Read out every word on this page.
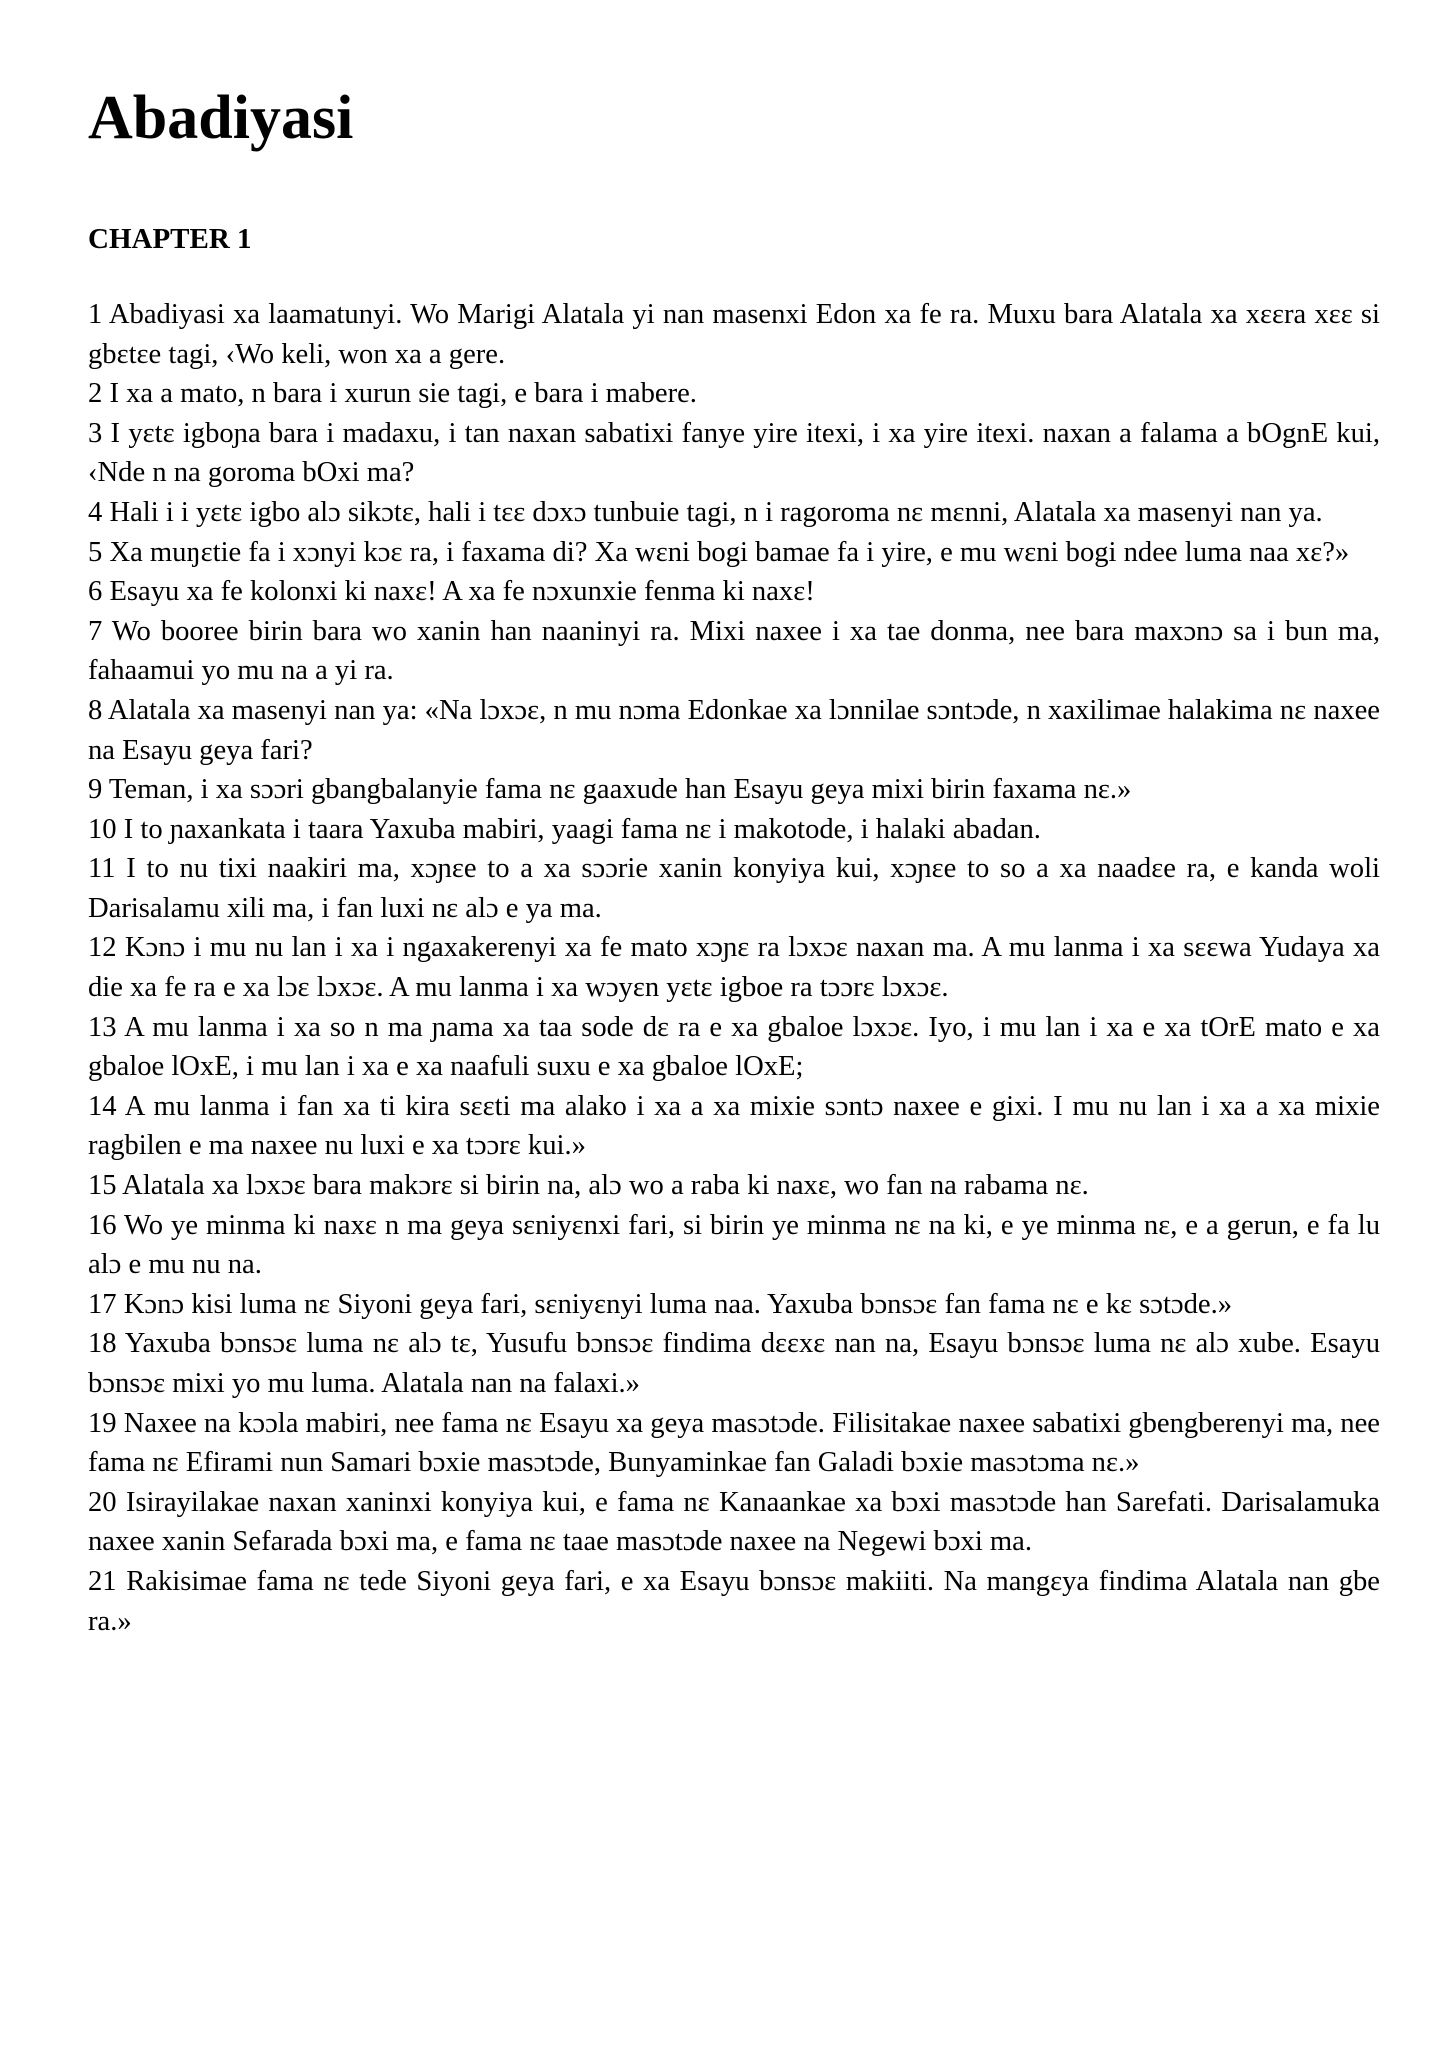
Abadiyasi
CHAPTER 1

1 Abadiyasi xa laamatunyi. Wo Marigi Alatala yi nan masenxi Edon xa fe ra. Muxu bara Alatala xa xɛɛra xɛɛ si gbɛtɛe tagi, ‹Wo keli, won xa a gere.

2 I xa a mato, n bara i xurun sie tagi, e bara i mabere.

3 I yɛtɛ igboɲa bara i madaxu, i tan naxan sabatixi fanye yire itexi, i xa yire itexi. naxan a falama a bOgnE kui, ‹Nde n na goroma bOxi ma?

4 Hali i i yɛtɛ igbo alɔ sikɔtɛ, hali i tɛɛ dɔxɔ tunbuie tagi, n i ragoroma nɛ mɛnni, Alatala xa masenyi nan ya.

5 Xa muŋɛtie fa i xɔnyi kɔɛ ra, i faxama di? Xa wɛni bogi bamae fa i yire, e mu wɛni bogi ndee luma naa xɛ?»

6 Esayu xa fe kolonxi ki naxɛ! A xa fe nɔxunxie fenma ki naxɛ!

7 Wo booree birin bara wo xanin han naaninyi ra. Mixi naxee i xa tae donma, nee bara maxɔnɔ sa i bun ma, fahaamui yo mu na a yi ra.

8 Alatala xa masenyi nan ya: «Na lɔxɔɛ, n mu nɔma Edonkae xa lɔnnilae sɔntɔde, n xaxilimae halakima nɛ naxee na Esayu geya fari?

9 Teman, i xa sɔɔri gbangbalanyie fama nɛ gaaxude han Esayu geya mixi birin faxama nɛ.»

10 I to ɲaxankata i taara Yaxuba mabiri, yaagi fama nɛ i makotode, i halaki abadan.

11 I to nu tixi naakiri ma, xɔɲɛe to a xa sɔɔrie xanin konyiya kui, xɔɲɛe to so a xa naadɛe ra, e kanda woli Darisalamu xili ma, i fan luxi nɛ alɔ e ya ma.

12 Kɔnɔ i mu nu lan i xa i ngaxakerenyi xa fe mato xɔɲɛ ra lɔxɔɛ naxan ma. A mu lanma i xa sɛɛwa Yudaya xa die xa fe ra e xa lɔɛ lɔxɔɛ. A mu lanma i xa wɔyɛn yɛtɛ igboe ra tɔɔrɛ lɔxɔɛ.

13 A mu lanma i xa so n ma ɲama xa taa sode dɛ ra e xa gbaloe lɔxɔɛ. Iyo, i mu lan i xa e xa tOrE mato e xa gbaloe lOxE, i mu lan i xa e xa naafuli suxu e xa gbaloe lOxE;

14 A mu lanma i fan xa ti kira sɛɛti ma alako i xa a xa mixie sɔntɔ naxee e gixi. I mu nu lan i xa a xa mixie ragbilen e ma naxee nu luxi e xa tɔɔrɛ kui.»

15 Alatala xa lɔxɔɛ bara makɔrɛ si birin na, alɔ wo a raba ki naxɛ, wo fan na rabama nɛ.

16 Wo ye minma ki naxɛ n ma geya sɛniyɛnxi fari, si birin ye minma nɛ na ki, e ye minma nɛ, e a gerun, e fa lu alɔ e mu nu na.

17 Kɔnɔ kisi luma nɛ Siyoni geya fari, sɛniyɛnyi luma naa. Yaxuba bɔnsɔɛ fan fama nɛ e kɛ sɔtɔde.»

18 Yaxuba bɔnsɔɛ luma nɛ alɔ tɛ, Yusufu bɔnsɔɛ findima dɛɛxɛ nan na, Esayu bɔnsɔɛ luma nɛ alɔ xube. Esayu bɔnsɔɛ mixi yo mu luma. Alatala nan na falaxi.»

19 Naxee na kɔɔla mabiri, nee fama nɛ Esayu xa geya masɔtɔde. Filisitakae naxee sabatixi gbengberenyi ma, nee fama nɛ Efirami nun Samari bɔxie masɔtɔde, Bunyaminkae fan Galadi bɔxie masɔtɔma nɛ.»

20 Isirayilakae naxan xaninxi konyiya kui, e fama nɛ Kanaankae xa bɔxi masɔtɔde han Sarefati. Darisalamuka naxee xanin Sefarada bɔxi ma, e fama nɛ taae masɔtɔde naxee na Negewi bɔxi ma.

21 Rakisimae fama nɛ tede Siyoni geya fari, e xa Esayu bɔnsɔɛ makiiti. Na mangɛya findima Alatala nan gbe ra.»
